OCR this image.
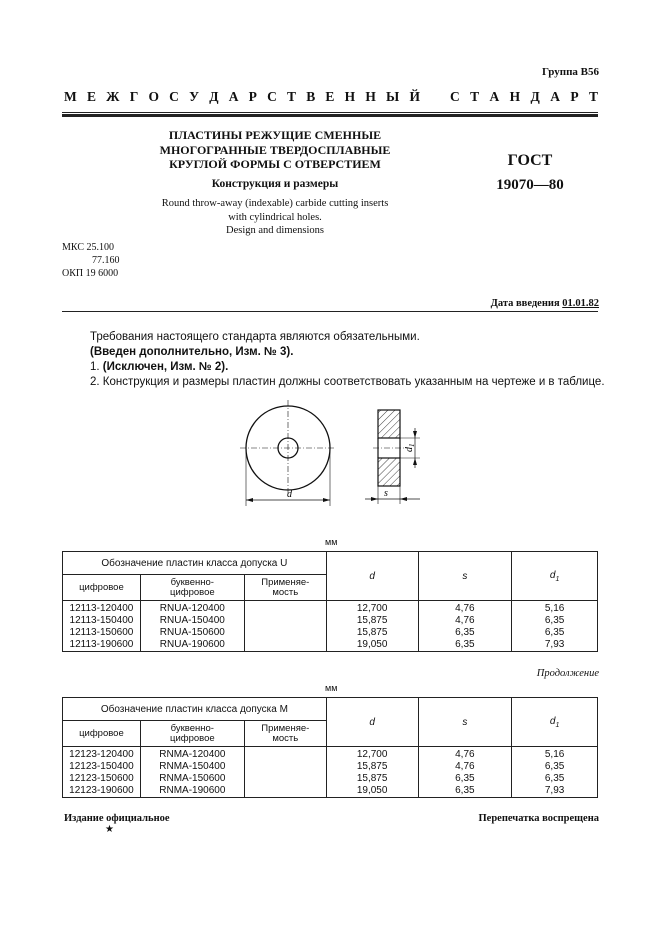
Группа В56
М Е Ж Г О С У Д А Р С Т В Е Н Н Ы Й С Т А Н Д А Р Т
ПЛАСТИНЫ РЕЖУЩИЕ СМЕННЫЕ
МНОГОГРАННЫЕ ТВЕРДОСПЛАВНЫЕ
КРУГЛОЙ ФОРМЫ С ОТВЕРСТИЕМ
Конструкция и размеры
Round throw-away (indexable) carbide cutting inserts
with cylindrical holes.
Design and dimensions
ГОСТ
19070—80
МКС 25.100
77.160
ОКП 19 6000
Дата введения 01.01.82
Требования настоящего стандарта являются обязательными.
(Введен дополнительно, Изм. № 3).
1. (Исключен, Изм. № 2).
2. Конструкция и размеры пластин должны соответствовать указанным на чертеже и в таблице.
d
$d_1$
s
мм
Обозначение пластин класса допуска U			d	s	$d_1$
цифровое	буквенно-цифровое	Применяе-мость			
12113-120400	RNUA-120400		12,700	4,76	5,16
12113-150400	RNUA-150400		15,875	4,76	6,35
12113-150600	RNUA-150600		15,875	6,35	6,35
12113-190600	RNUA-190600		19,050	6,35	7,93
Продолжение
мм
Обозначение пластин класса допуска М			d	s	$d_1$
цифровое	буквенно-цифровое	Применяе-мость			
12123-120400	RNMA-120400		12,700	4,76	5,16
12123-150400	RNMA-150400		15,875	4,76	6,35
12123-150600	RNMA-150600		15,875	6,35	6,35
12123-190600	RNMA-190600		19,050	6,35	7,93
Издание официальное	Перепечатка воспрещена
★
